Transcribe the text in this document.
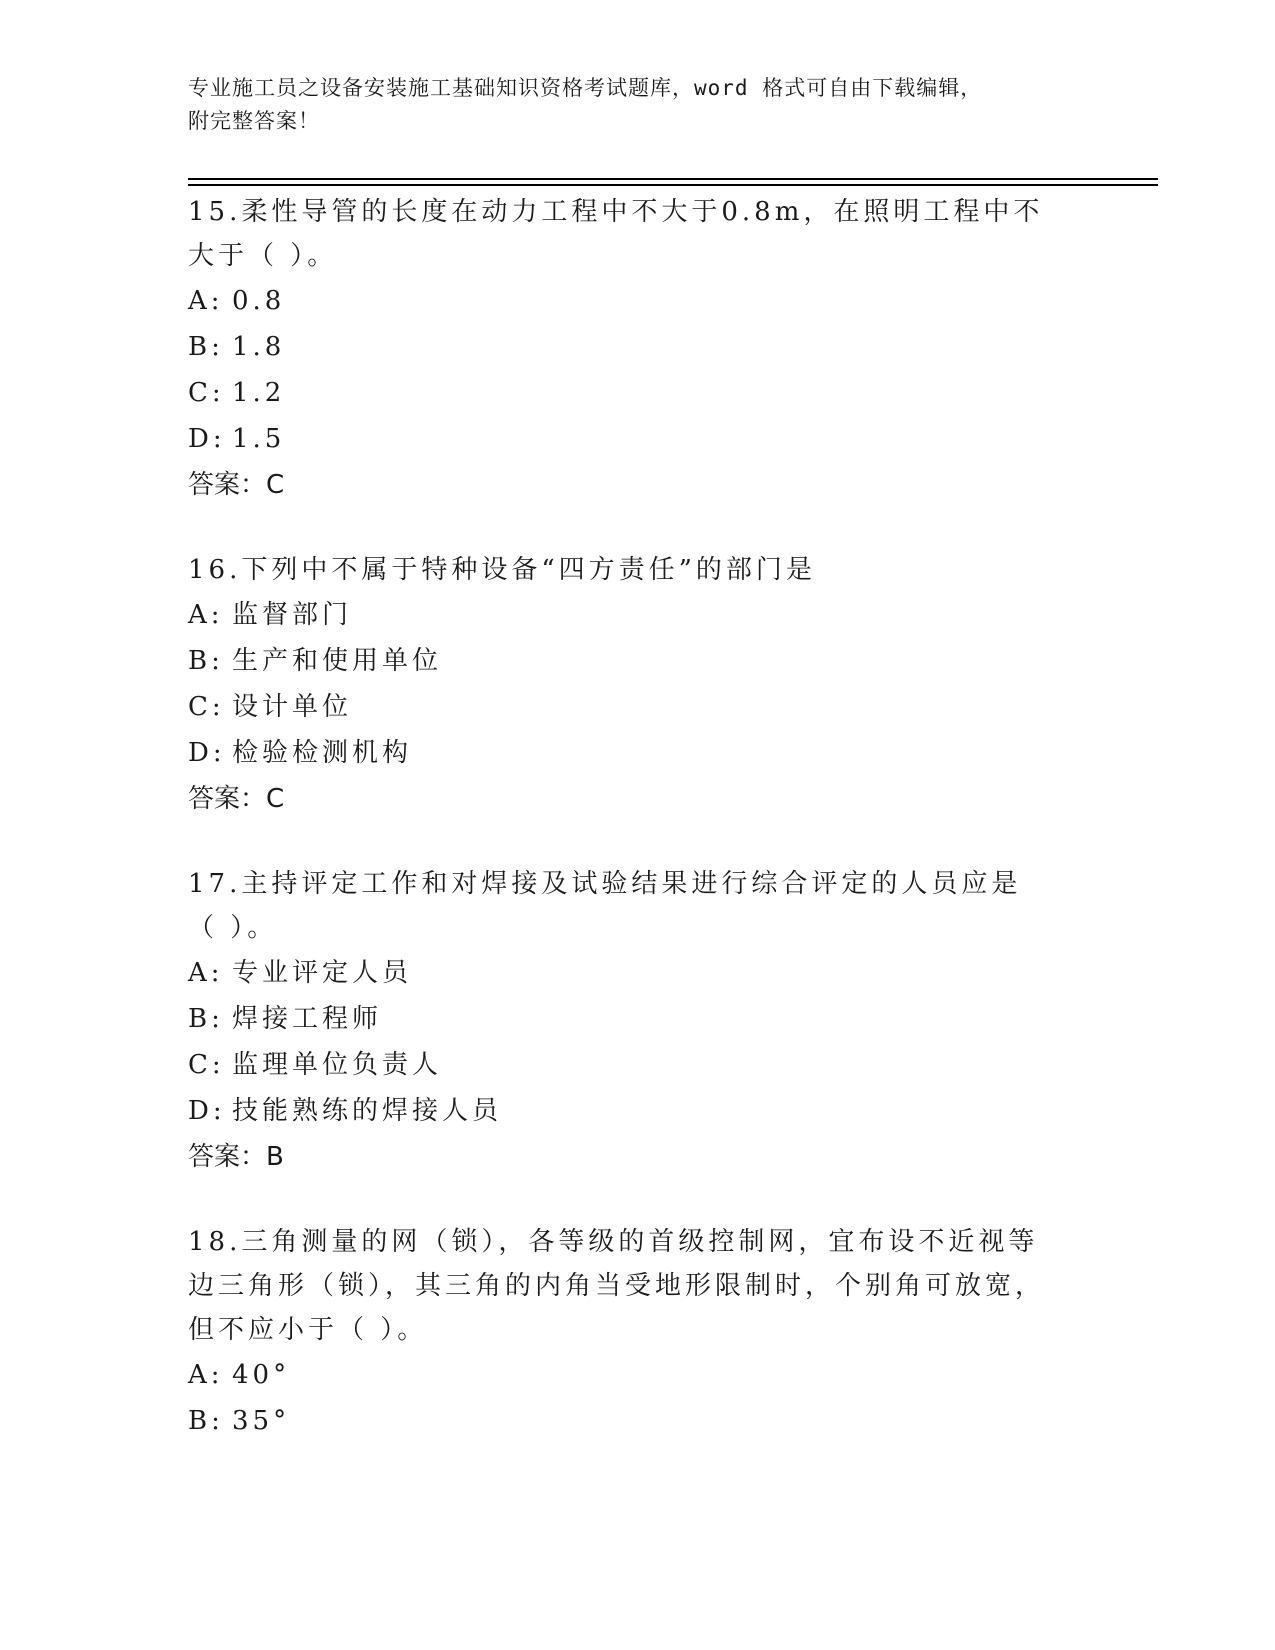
专业施工员之设备安装施工基础知识资格考试题库，word 格式可自由下载编辑，
附完整答案！

15.柔性导管的长度在动力工程中不大于0.8m，在照明工程中不大于（ ）。

A: 0.8

B: 1.8

C: 1.2

D: 1.5

答案：C

16.下列中不属于特种设备“四方责任”的部门是

A: 监督部门

B: 生产和使用单位

C: 设计单位

D: 检验检测机构

答案：C

17.主持评定工作和对焊接及试验结果进行综合评定的人员应是（ ）。

A: 专业评定人员

B: 焊接工程师

C: 监理单位负责人

D: 技能熟练的焊接人员

答案：B

18.三角测量的网（锁），各等级的首级控制网，宜布设不近视等边三角形（锁），其三角的内角当受地形限制时，个别角可放宽，但不应小于（ ）。

A: 40°

B: 35°
